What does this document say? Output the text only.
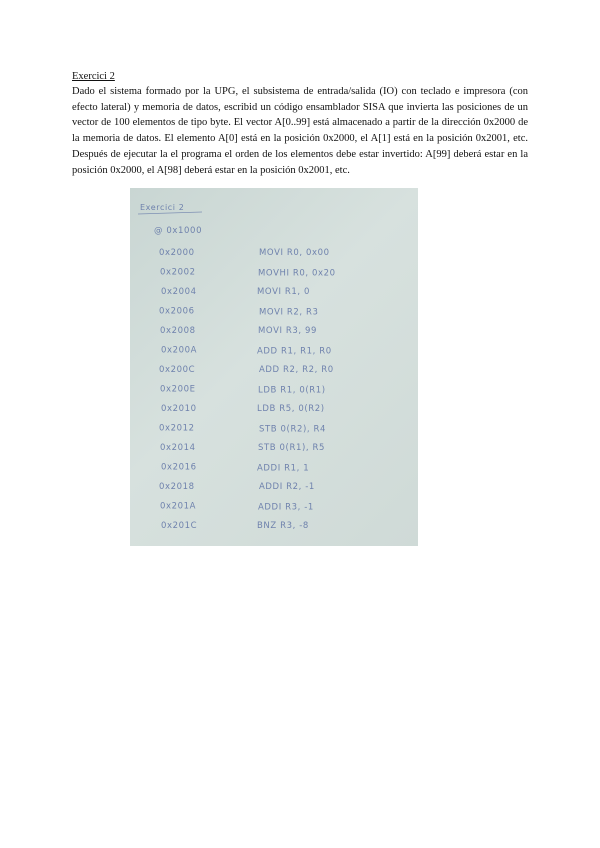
Exercici 2
Dado el sistema formado por la UPG, el subsistema de entrada/salida (IO) con teclado e impresora (con efecto lateral) y memoria de datos, escribid un código ensamblador SISA que invierta las posiciones de un vector de 100 elementos de tipo byte. El vector A[0..99] está almacenado a partir de la dirección 0x2000 de la memoria de datos. El elemento A[0] está en la posición 0x2000, el A[1] está en la posición 0x2001, etc. Después de ejecutar la el programa el orden de los elementos debe estar invertido: A[99] deberá estar en la posición 0x2000, el A[98] deberá estar en la posición 0x2001, etc.
Exercici 2
@ 0x1000
0x2000	MOVI R0, 0x00
0x2002	MOVHI R0, 0x20
0x2004	MOVI R1, 0
0x2006	MOVI R2, R3
0x2008	MOVI R3, 99
0x200A	ADD R1, R1, R0
0x200C	ADD R2, R2, R0
0x200E	LDB R1, 0(R1)
0x2010	LDB R5, 0(R2)
0x2012	STB 0(R2), R4
0x2014	STB 0(R1), R5
0x2016	ADDI R1, 1
0x2018	ADDI R2, -1
0x201A	ADDI R3, -1
0x201C	BNZ R3, -8
